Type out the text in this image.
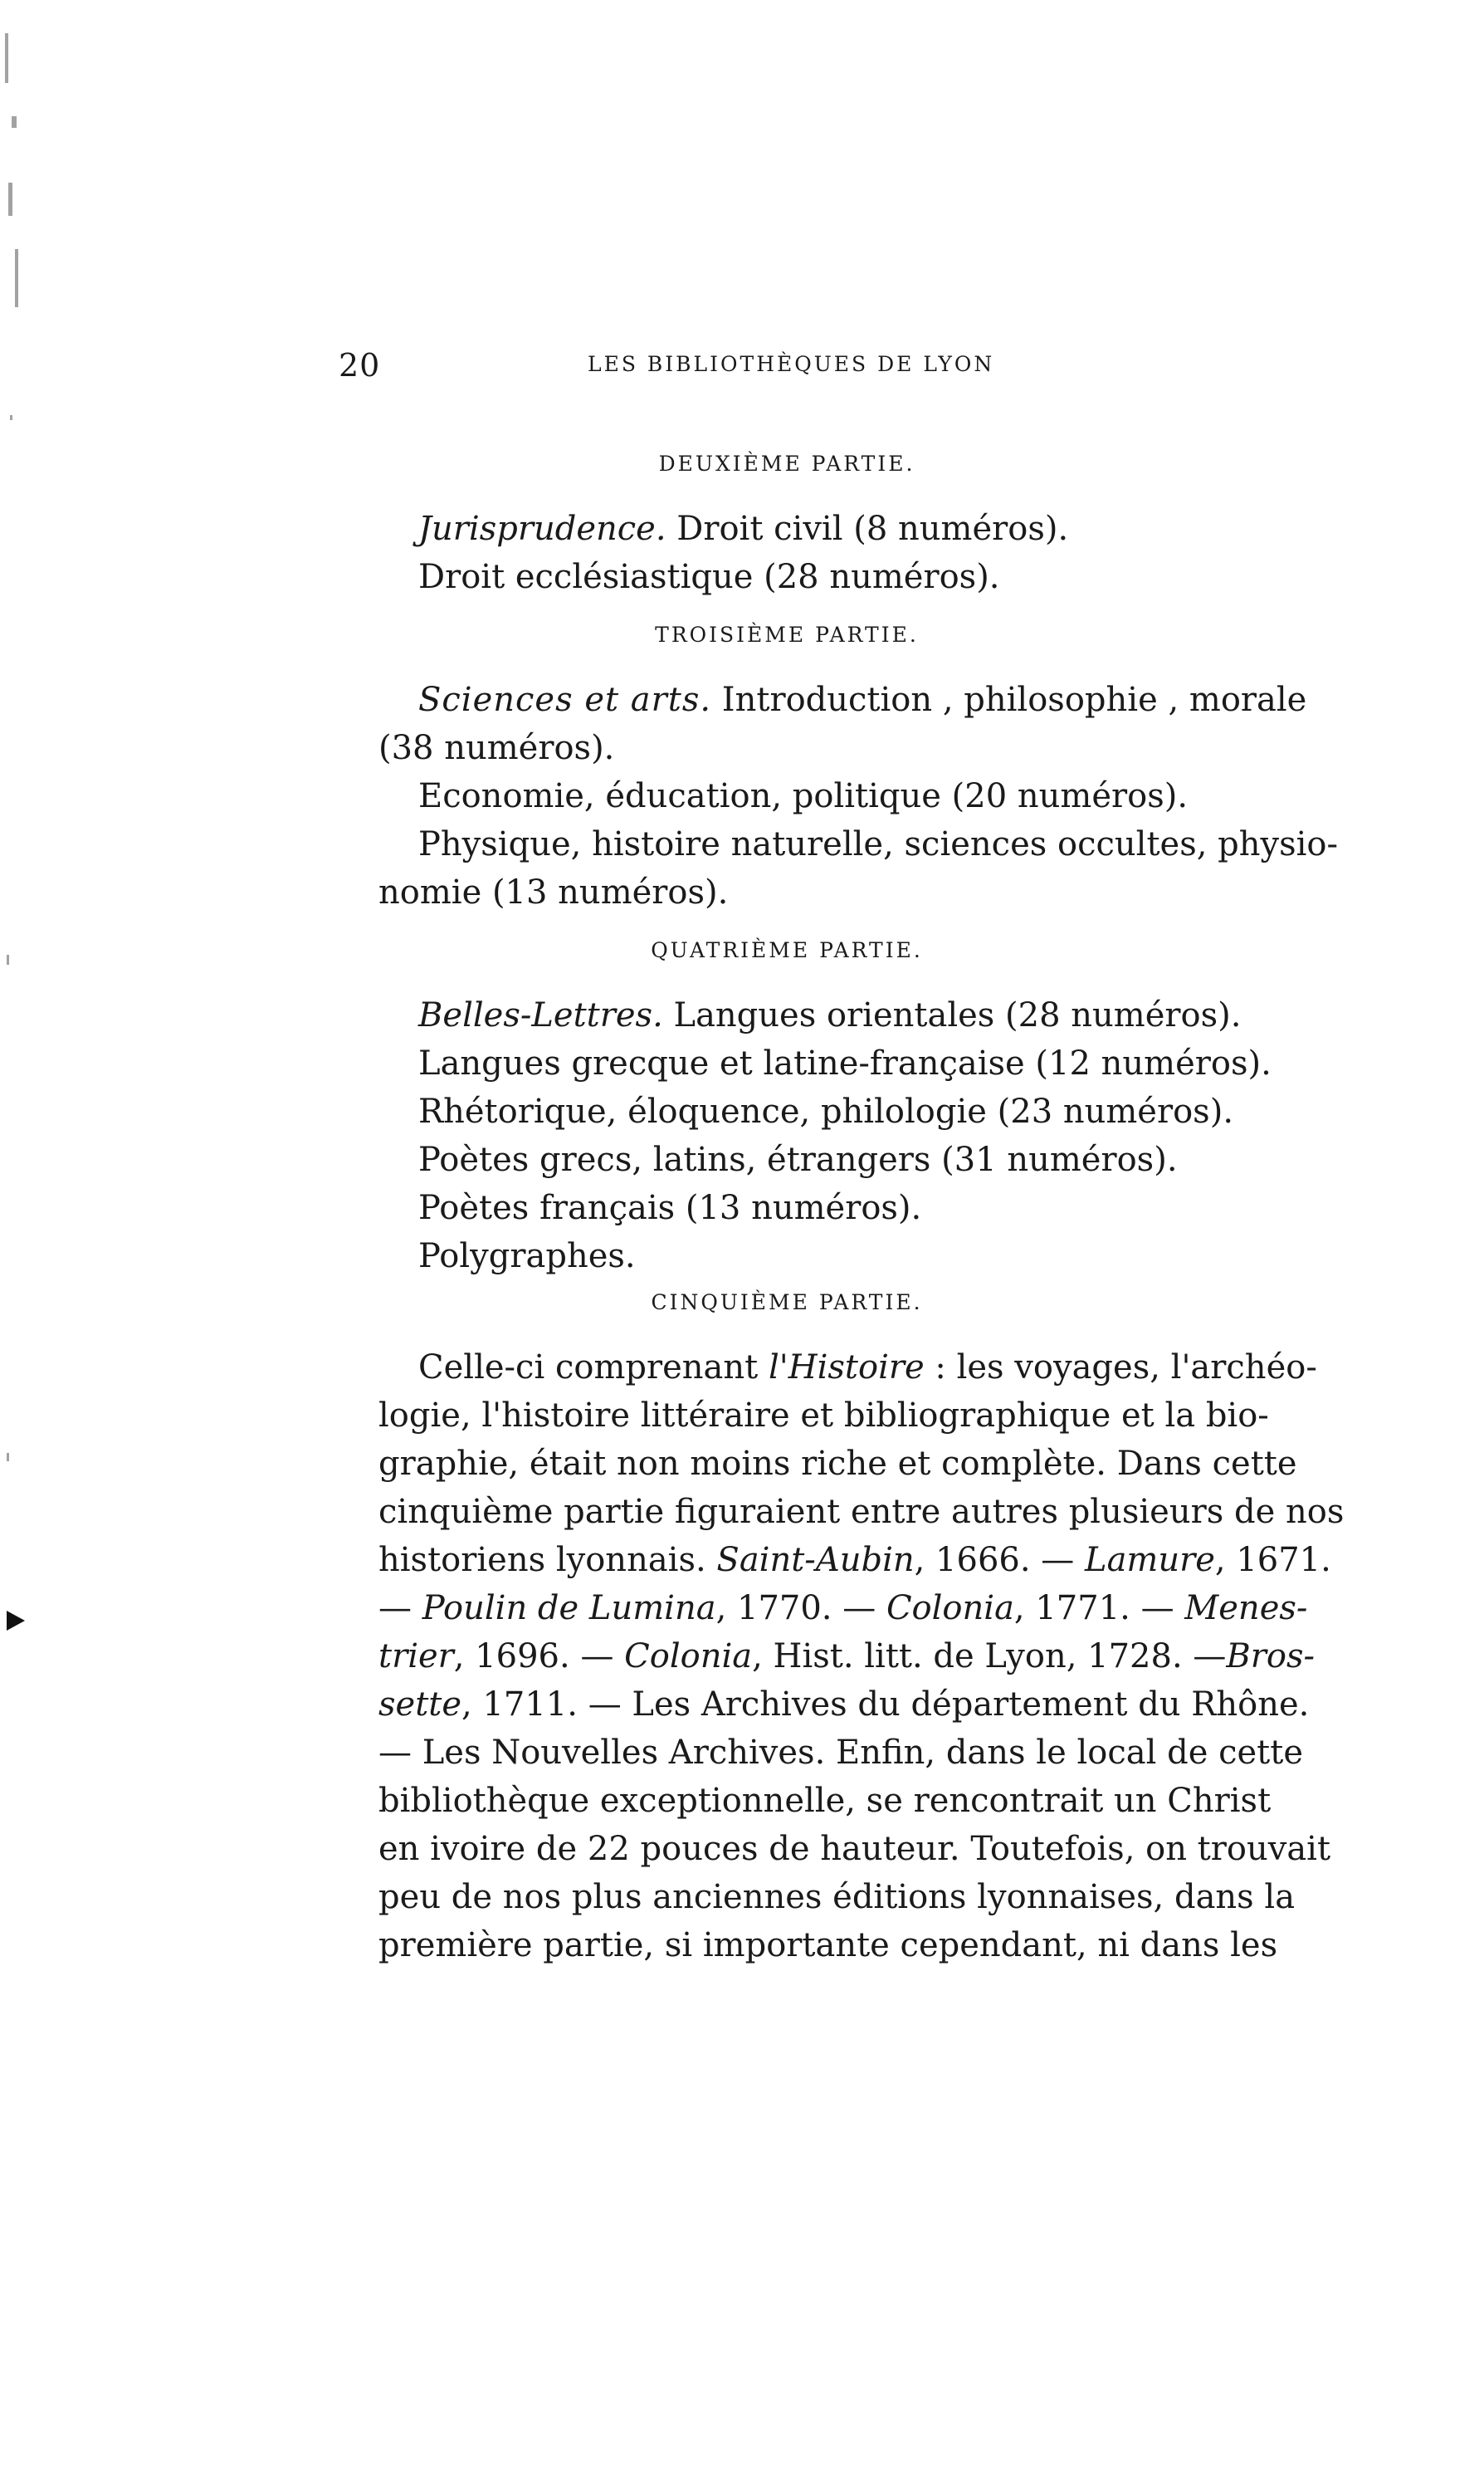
20	LES BIBLIOTHÈQUES DE LYON
DEUXIÈME PARTIE.
Jurisprudence. Droit civil (8 numéros).
Droit ecclésiastique (28 numéros).
TROISIÈME PARTIE.
Sciences et arts. Introduction , philosophie , morale
(38 numéros).
Economie, éducation, politique (20 numéros).
Physique, histoire naturelle, sciences occultes, physio-
nomie (13 numéros).
QUATRIÈME PARTIE.
Belles-Lettres. Langues orientales (28 numéros).
Langues grecque et latine-française (12 numéros).
Rhétorique, éloquence, philologie (23 numéros).
Poètes grecs, latins, étrangers (31 numéros).
Poètes français (13 numéros).
Polygraphes.
CINQUIÈME PARTIE.
Celle-ci comprenant l'Histoire : les voyages, l'archéo-
logie, l'histoire littéraire et bibliographique et la bio-
graphie, était non moins riche et complète. Dans cette
cinquième partie figuraient entre autres plusieurs de nos
historiens lyonnais. Saint-Aubin, 1666. — Lamure, 1671.
— Poulin de Lumina, 1770. — Colonia, 1771. — Menes-
trier, 1696. — Colonia, Hist. litt. de Lyon, 1728. —Bros-
sette, 1711. — Les Archives du département du Rhône.
— Les Nouvelles Archives. Enfin, dans le local de cette
bibliothèque exceptionnelle, se rencontrait un Christ
en ivoire de 22 pouces de hauteur. Toutefois, on trouvait
peu de nos plus anciennes éditions lyonnaises, dans la
première partie, si importante cependant, ni dans les
